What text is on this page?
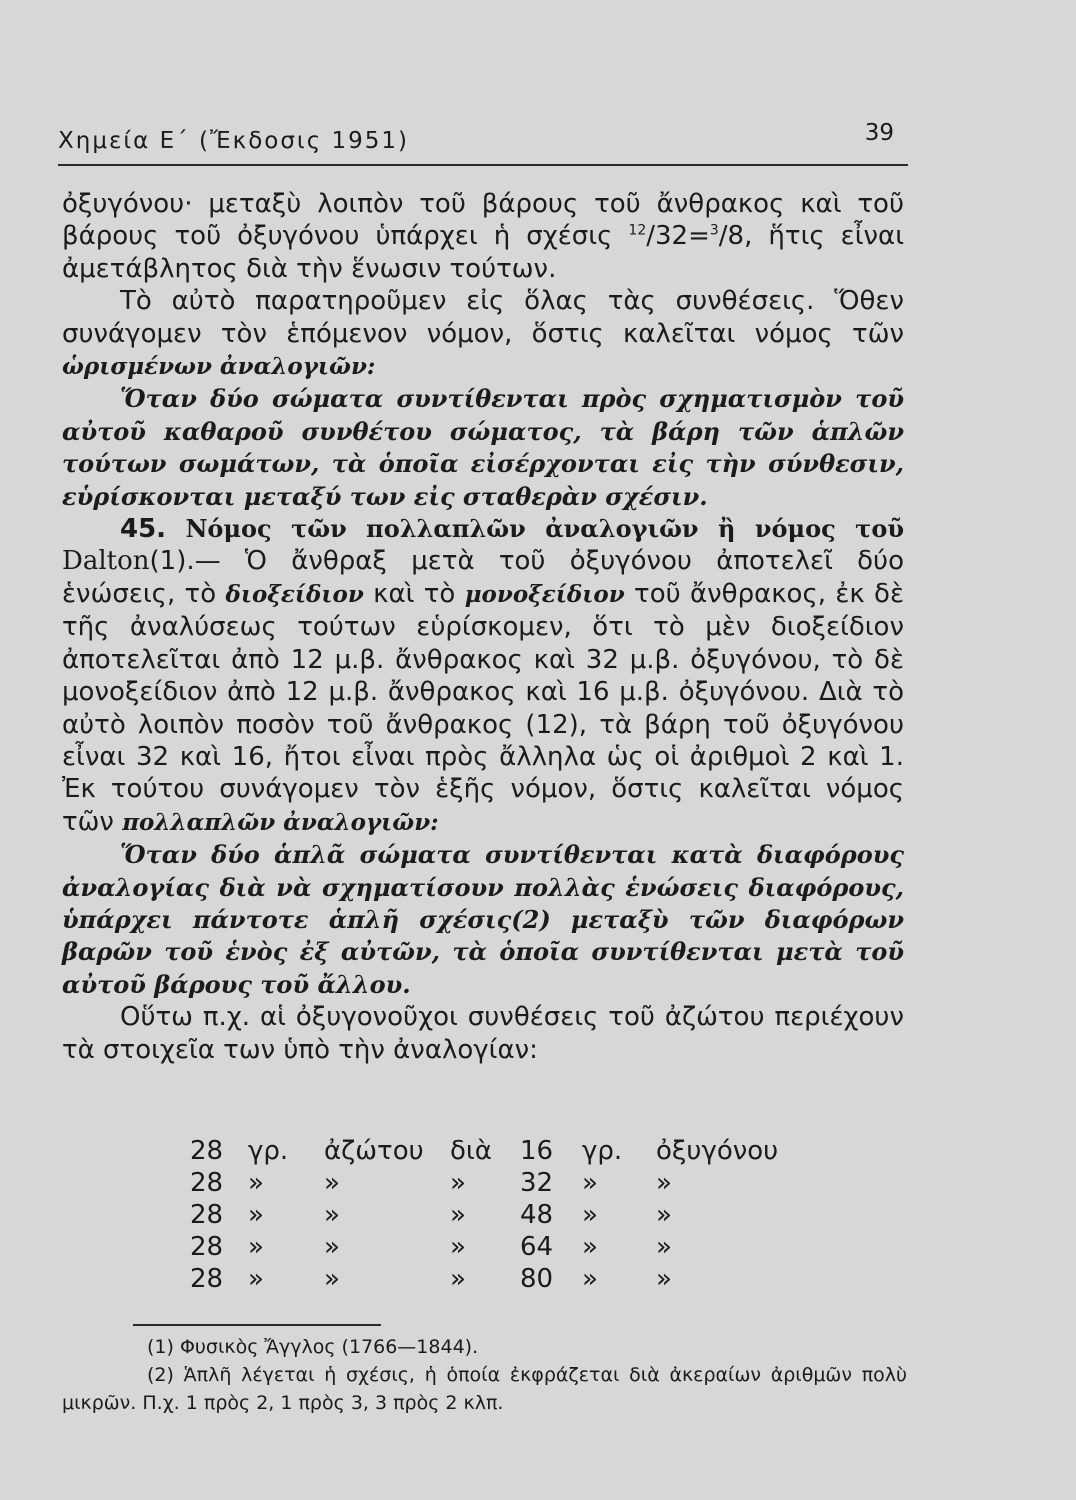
Χημεία Ε΄ (Ἔκδοσις 1951)	39

ὀξυγόνου· μεταξὺ λοιπὸν τοῦ βάρους τοῦ ἄνθρακος καὶ τοῦ βάρους τοῦ ὀξυγόνου ὑπάρχει ἡ σχέσις $^{12}$/32=$^3$/8, ἥτις εἶναι ἀμετάβλητος διὰ τὴν ἕνωσιν τούτων.

Τὸ αὐτὸ παρατηροῦμεν εἰς ὅλας τὰς συνθέσεις. Ὅθεν συνάγομεν τὸν ἑπόμενον νόμον, ὅστις καλεῖται νόμος τῶν ὡρισμένων ἀναλογιῶν:

Ὅταν δύο σώματα συντίθενται πρὸς σχηματισμὸν τοῦ αὐτοῦ καθαροῦ συνθέτου σώματος, τὰ βάρη τῶν ἁπλῶν τούτων σωμάτων, τὰ ὁποῖα εἰσέρχονται εἰς τὴν σύνθεσιν, εὑρίσκονται μεταξύ των εἰς σταθερὰν σχέσιν.

45. Νόμος τῶν πολλαπλῶν ἀναλογιῶν ἢ νόμος τοῦ Dalton(1).— Ὁ ἄνθραξ μετὰ τοῦ ὀξυγόνου ἀποτελεῖ δύο ἑνώσεις, τὸ διοξείδιον καὶ τὸ μονοξείδιον τοῦ ἄνθρακος, ἐκ δὲ τῆς ἀναλύσεως τούτων εὑρίσκομεν, ὅτι τὸ μὲν διοξείδιον ἀποτελεῖται ἀπὸ 12 μ.β. ἄνθρακος καὶ 32 μ.β. ὀξυγόνου, τὸ δὲ μονοξείδιον ἀπὸ 12 μ.β. ἄνθρακος καὶ 16 μ.β. ὀξυγόνου. Διὰ τὸ αὐτὸ λοιπὸν ποσὸν τοῦ ἄνθρακος (12), τὰ βάρη τοῦ ὀξυγόνου εἶναι 32 καὶ 16, ἤτοι εἶναι πρὸς ἄλληλα ὡς οἱ ἀριθμοὶ 2 καὶ 1. Ἐκ τούτου συνάγομεν τὸν ἑξῆς νόμον, ὅστις καλεῖται νόμος τῶν πολλαπλῶν ἀναλογιῶν:

Ὅταν δύο ἁπλᾶ σώματα συντίθενται κατὰ διαφόρους ἀναλογίας διὰ νὰ σχηματίσουν πολλὰς ἑνώσεις διαφόρους, ὑπάρχει πάντοτε ἁπλῆ σχέσις(2) μεταξὺ τῶν διαφόρων βαρῶν τοῦ ἑνὸς ἐξ αὐτῶν, τὰ ὁποῖα συντίθενται μετὰ τοῦ αὐτοῦ βάρους τοῦ ἄλλου.

Οὕτω π.χ. αἱ ὀξυγονοῦχοι συνθέσεις τοῦ ἀζώτου περιέχουν τὰ στοιχεῖα των ὑπὸ τὴν ἀναλογίαν:

28	γρ.	ἀζώτου	διὰ	16	γρ.	ὀξυγόνου
28	»	»	»	32	»	»
28	»	»	»	48	»	»
28	»	»	»	64	»	»
28	»	»	»	80	»	»
(1) Φυσικὸς Ἄγγλος (1766—1844).
(2) Ἁπλῆ λέγεται ἡ σχέσις, ἡ ὁποία ἐκφράζεται διὰ ἀκεραίων ἀριθμῶν πολὺ μικρῶν. Π.χ. 1 πρὸς 2, 1 πρὸς 3, 3 πρὸς 2 κλπ.
